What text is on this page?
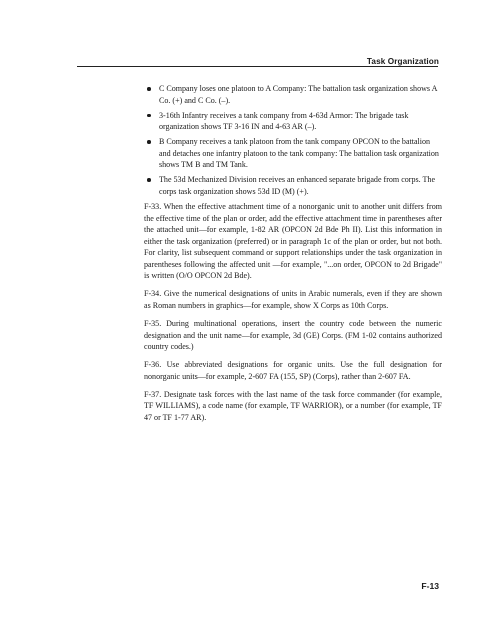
Task Organization
C Company loses one platoon to A Company: The battalion task organization shows A Co. (+) and C Co. (–).
3-16th Infantry receives a tank company from 4-63d Armor: The brigade task organization shows TF 3-16 IN and 4-63 AR (–).
B Company receives a tank platoon from the tank company OPCON to the battalion and detaches one infantry platoon to the tank company: The battalion task organization shows TM B and TM Tank.
The 53d Mechanized Division receives an enhanced separate brigade from corps. The corps task organization shows 53d ID (M) (+).

F-33. When the effective attachment time of a nonorganic unit to another unit differs from the effective time of the plan or order, add the effective attachment time in parentheses after the attached unit—for example, 1-82 AR (OPCON 2d Bde Ph II). List this information in either the task organization (preferred) or in paragraph 1c of the plan or order, but not both. For clarity, list subsequent command or support relationships under the task organization in parentheses following the affected unit —for example, "...on order, OPCON to 2d Brigade" is written (O/O OPCON 2d Bde).

F-34. Give the numerical designations of units in Arabic numerals, even if they are shown as Roman numbers in graphics—for example, show X Corps as 10th Corps.

F-35. During multinational operations, insert the country code between the numeric designation and the unit name—for example, 3d (GE) Corps. (FM 1-02 contains authorized country codes.)

F-36. Use abbreviated designations for organic units. Use the full designation for nonorganic units—for example, 2-607 FA (155, SP) (Corps), rather than 2-607 FA.

F-37. Designate task forces with the last name of the task force commander (for example, TF WILLIAMS), a code name (for example, TF WARRIOR), or a number (for example, TF 47 or TF 1-77 AR).

F-13
